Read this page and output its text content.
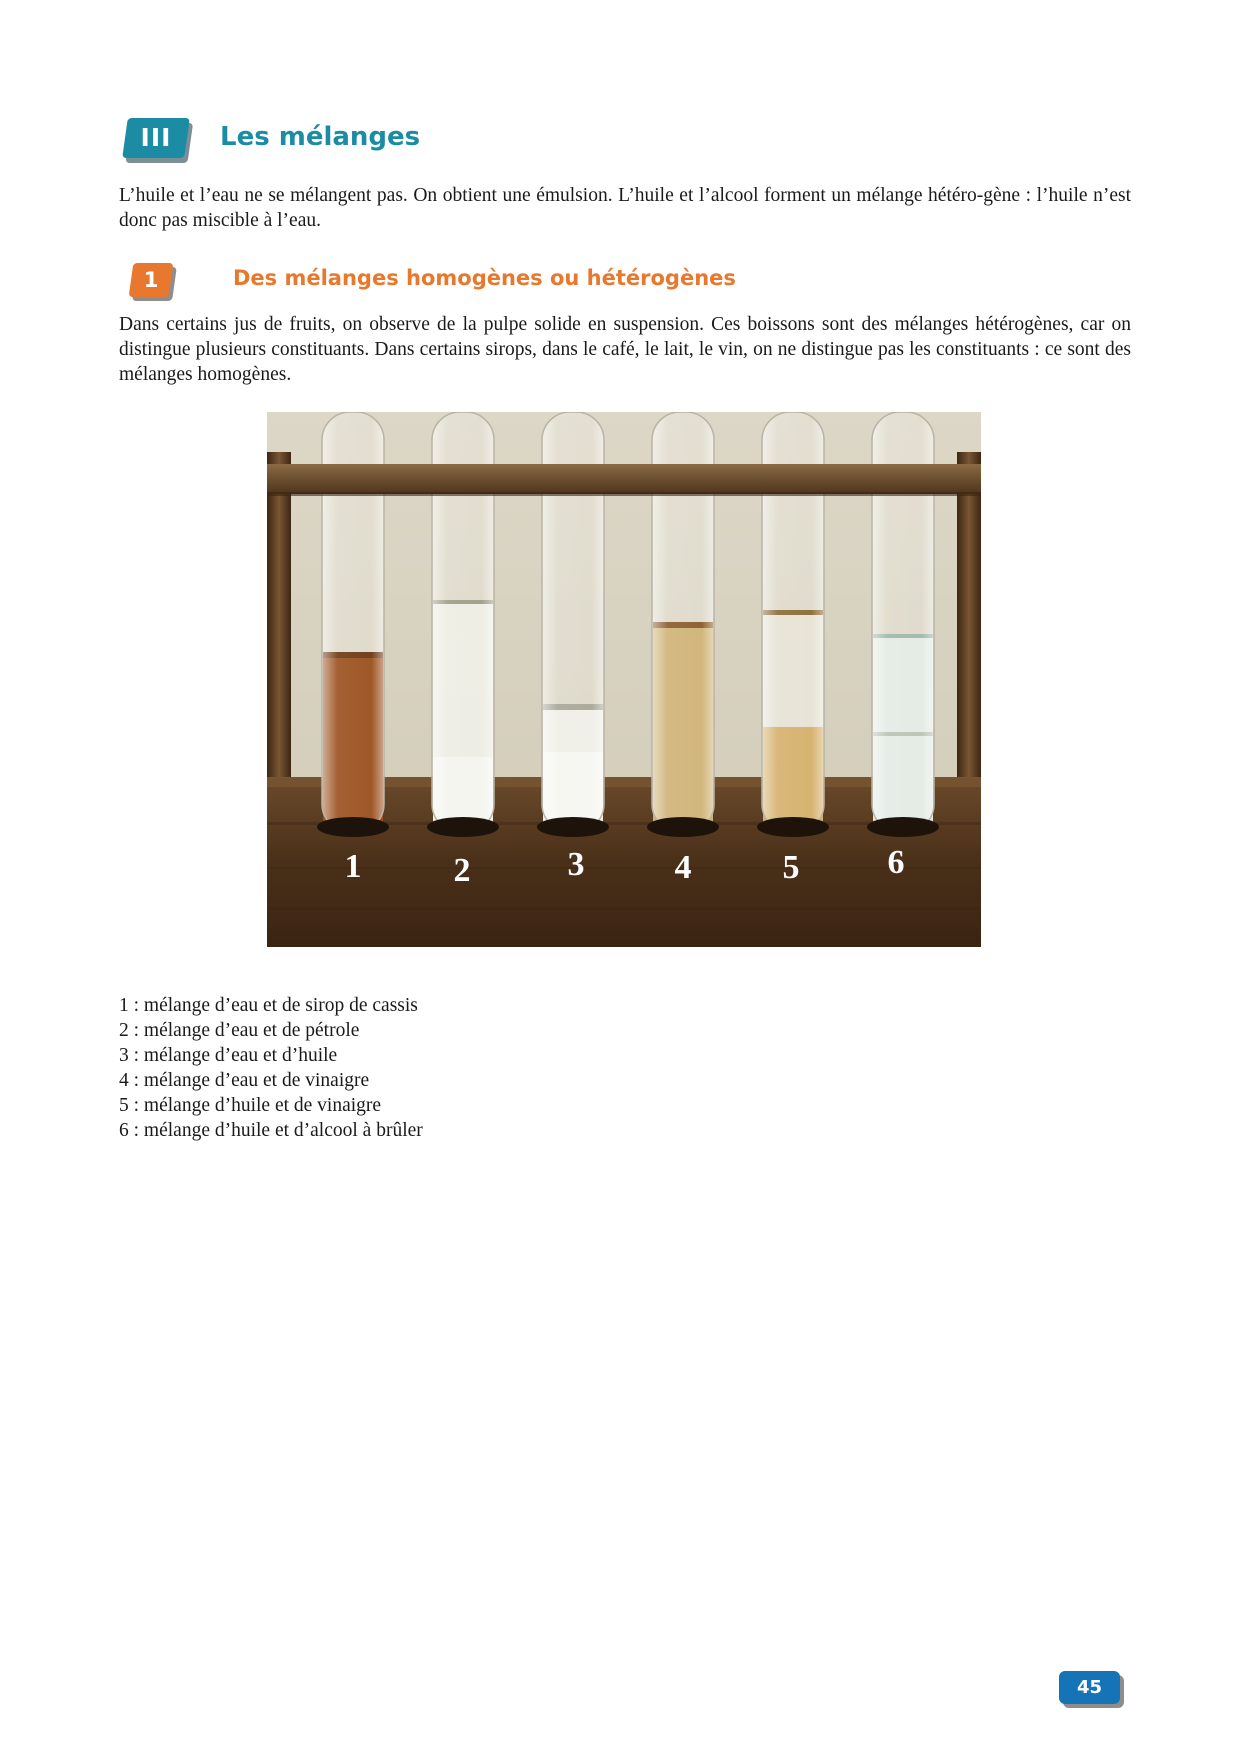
III	Les mélanges

L’huile et l’eau ne se mélangent pas. On obtient une émulsion. L’huile et l’alcool forment un mélange hétéro-gène : l’huile n’est donc pas miscible à l’eau.

1	Des mélanges homogènes ou hétérogènes

Dans certains jus de fruits, on observe de la pulpe solide en suspension. Ces boissons sont des mélanges hétérogènes, car on distingue plusieurs constituants. Dans certains sirops, dans le café, le lait, le vin, on ne distingue pas les constituants : ce sont des mélanges homogènes.

1	2	3	4	5	6
1 : mélange d’eau et de sirop de cassis
2 : mélange d’eau et de pétrole
3 : mélange d’eau et d’huile
4 : mélange d’eau et de vinaigre
5 : mélange d’huile et de vinaigre
6 : mélange d’huile et d’alcool à brûler
45
